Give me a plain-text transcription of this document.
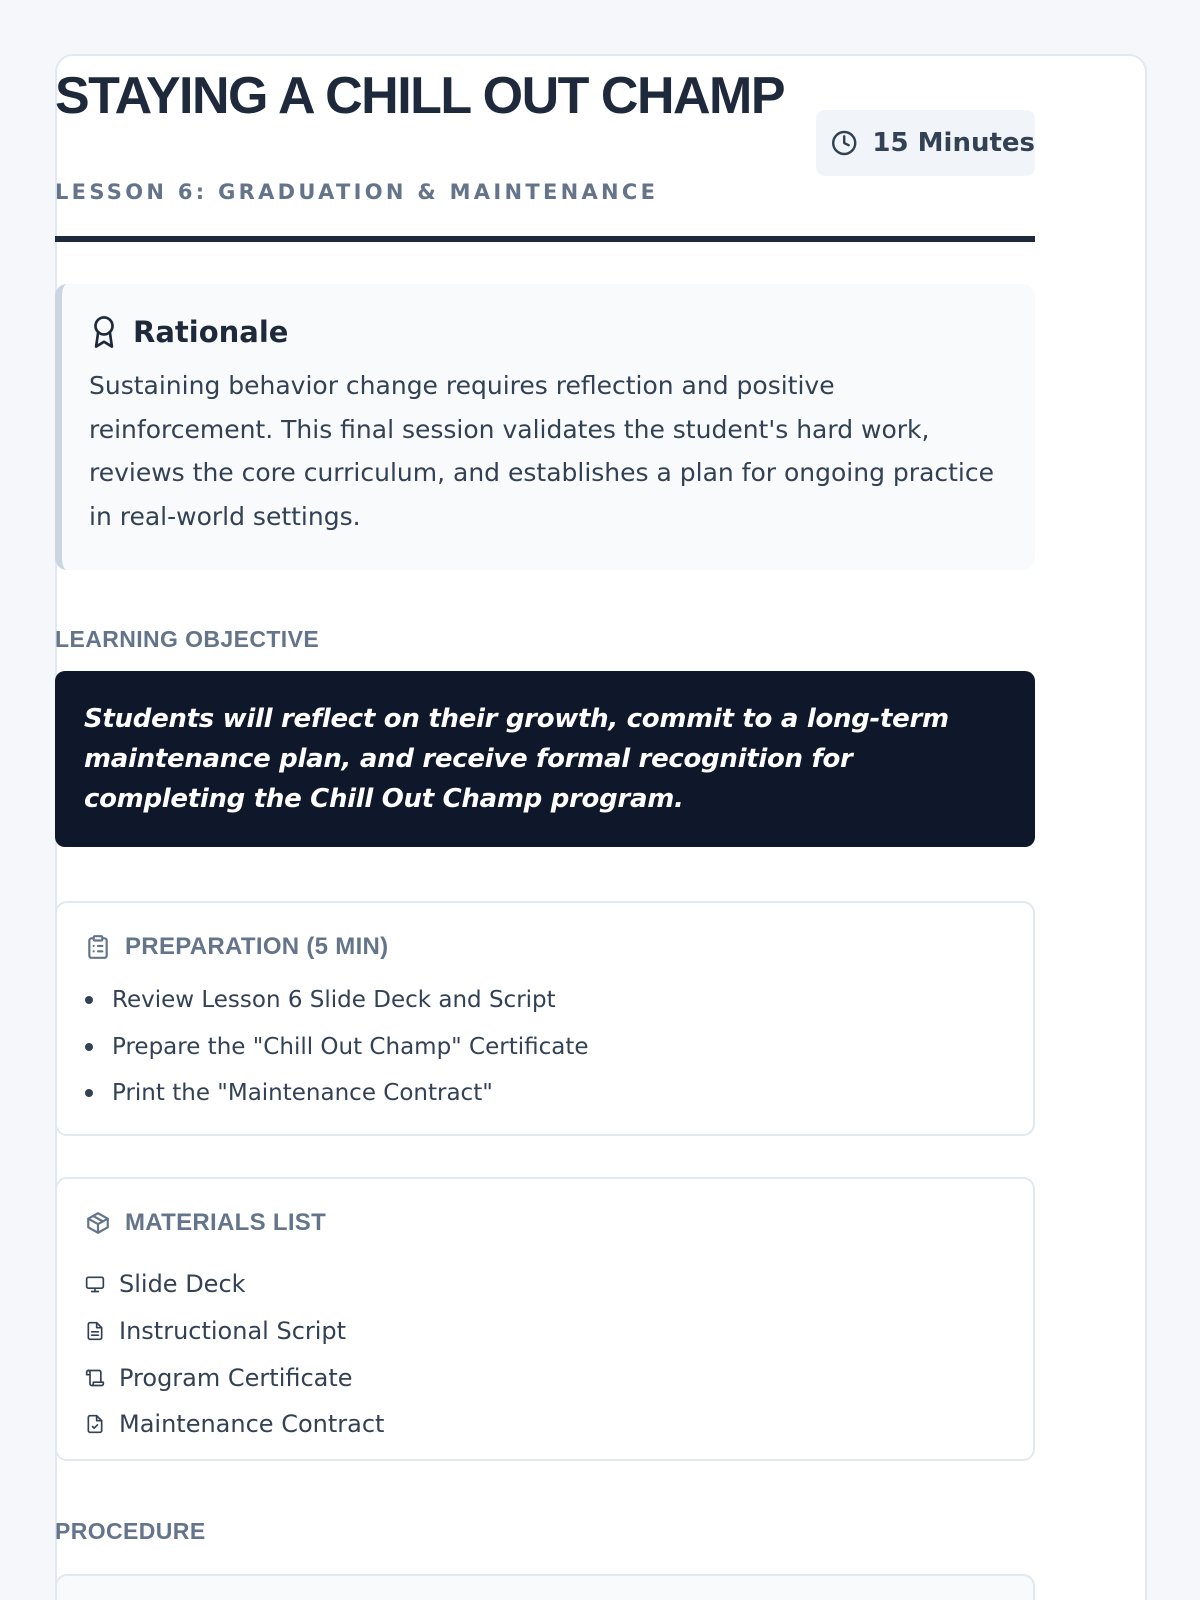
STAYING A CHILL OUT CHAMP
15 Minutes
LESSON 6: GRADUATION & MAINTENANCE
Rationale

Sustaining behavior change requires reflection and positive reinforcement. This final session validates the student's hard work, reviews the core curriculum, and establishes a plan for ongoing practice in real-world settings.

LEARNING OBJECTIVE

Students will reflect on their growth, commit to a long-term maintenance plan, and receive formal recognition for completing the Chill Out Champ program.

PREPARATION (5 MIN)
Review Lesson 6 Slide Deck and Script
Prepare the "Chill Out Champ" Certificate
Print the "Maintenance Contract"
MATERIALS LIST
Slide Deck
Instructional Script
Program Certificate
Maintenance Contract
PROCEDURE
